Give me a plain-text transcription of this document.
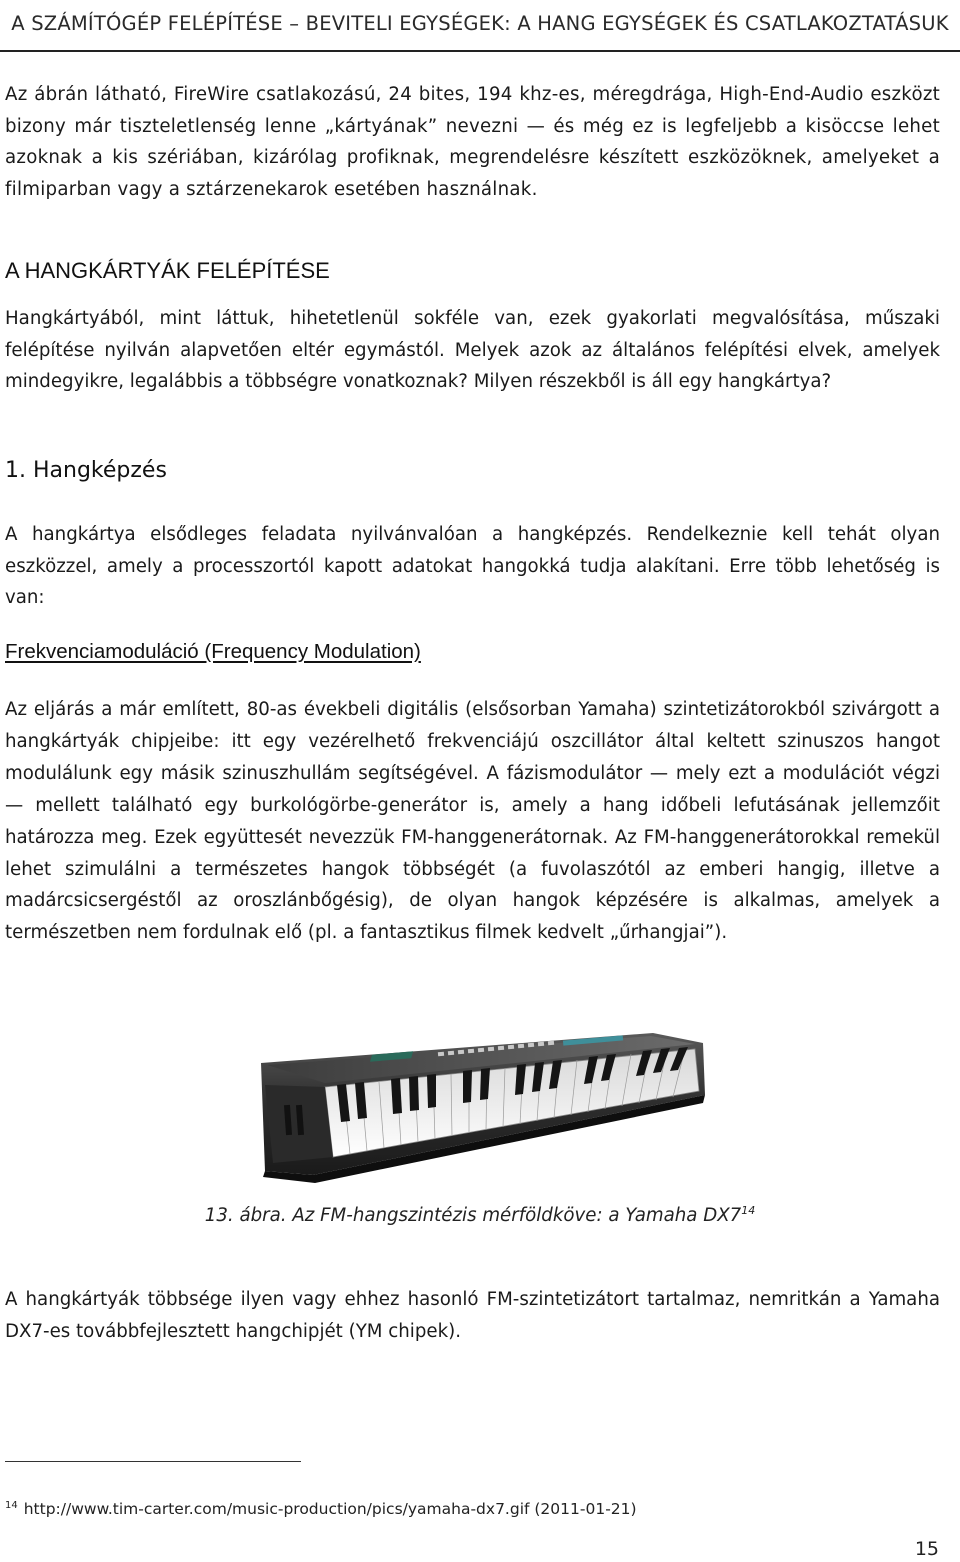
A SZÁMÍTÓGÉP FELÉPÍTÉSE – BEVITELI EGYSÉGEK: A HANG EGYSÉGEK ÉS CSATLAKOZTATÁSUK

Az ábrán látható, FireWire csatlakozású, 24 bites, 194 khz-es, méregdrága, High-End-Audio eszközt bizony már tiszteletlenség lenne „kártyának” nevezni — és még ez is legfeljebb a kisöccse lehet azoknak a kis szériában, kizárólag profiknak, megrendelésre készített eszközöknek, amelyeket a filmiparban vagy a sztárzenekarok esetében használnak.

A HANGKÁRTYÁK FELÉPÍTÉSE

Hangkártyából, mint láttuk, hihetetlenül sokféle van, ezek gyakorlati megvalósítása, műszaki felépítése nyilván alapvetően eltér egymástól. Melyek azok az általános felépítési elvek, amelyek mindegyikre, legalábbis a többségre vonatkoznak? Milyen részekből is áll egy hangkártya?

1. Hangképzés

A hangkártya elsődleges feladata nyilvánvalóan a hangképzés. Rendelkeznie kell tehát olyan eszközzel, amely a processzortól kapott adatokat hangokká tudja alakítani. Erre több lehetőség is van:

Frekvenciamoduláció (Frequency Modulation)

Az eljárás a már említett, 80-as évekbeli digitális (elsősorban Yamaha) szintetizátorokból szivárgott a hangkártyák chipjeibe: itt egy vezérelhető frekvenciájú oszcillátor által keltett szinuszos hangot modulálunk egy másik szinuszhullám segítségével. A fázismodulátor — mely ezt a modulációt végzi — mellett található egy burkológörbe-generátor is, amely a hang időbeli lefutásának jellemzőit határozza meg. Ezek együttesét nevezzük FM-hanggenerátornak. Az FM-hanggenerátorokkal remekül lehet szimulálni a természetes hangok többségét (a fuvolaszótól az emberi hangig, illetve a madárcsicsergéstől az oroszlánbőgésig), de olyan hangok képzésére is alkalmas, amelyek a természetben nem fordulnak elő (pl. a fantasztikus filmek kedvelt „űrhangjai”).

13. ábra. Az FM-hangszintézis mérföldköve: a Yamaha $DX7^{14}$

A hangkártyák többsége ilyen vagy ehhez hasonló FM-szintetizátort tartalmaz, nemritkán a Yamaha DX7-es továbbfejlesztett hangchipjét (YM chipek).

$^{14}$ http://www.tim-carter.com/music-production/pics/yamaha-dx7.gif (2011-01-21)
15
